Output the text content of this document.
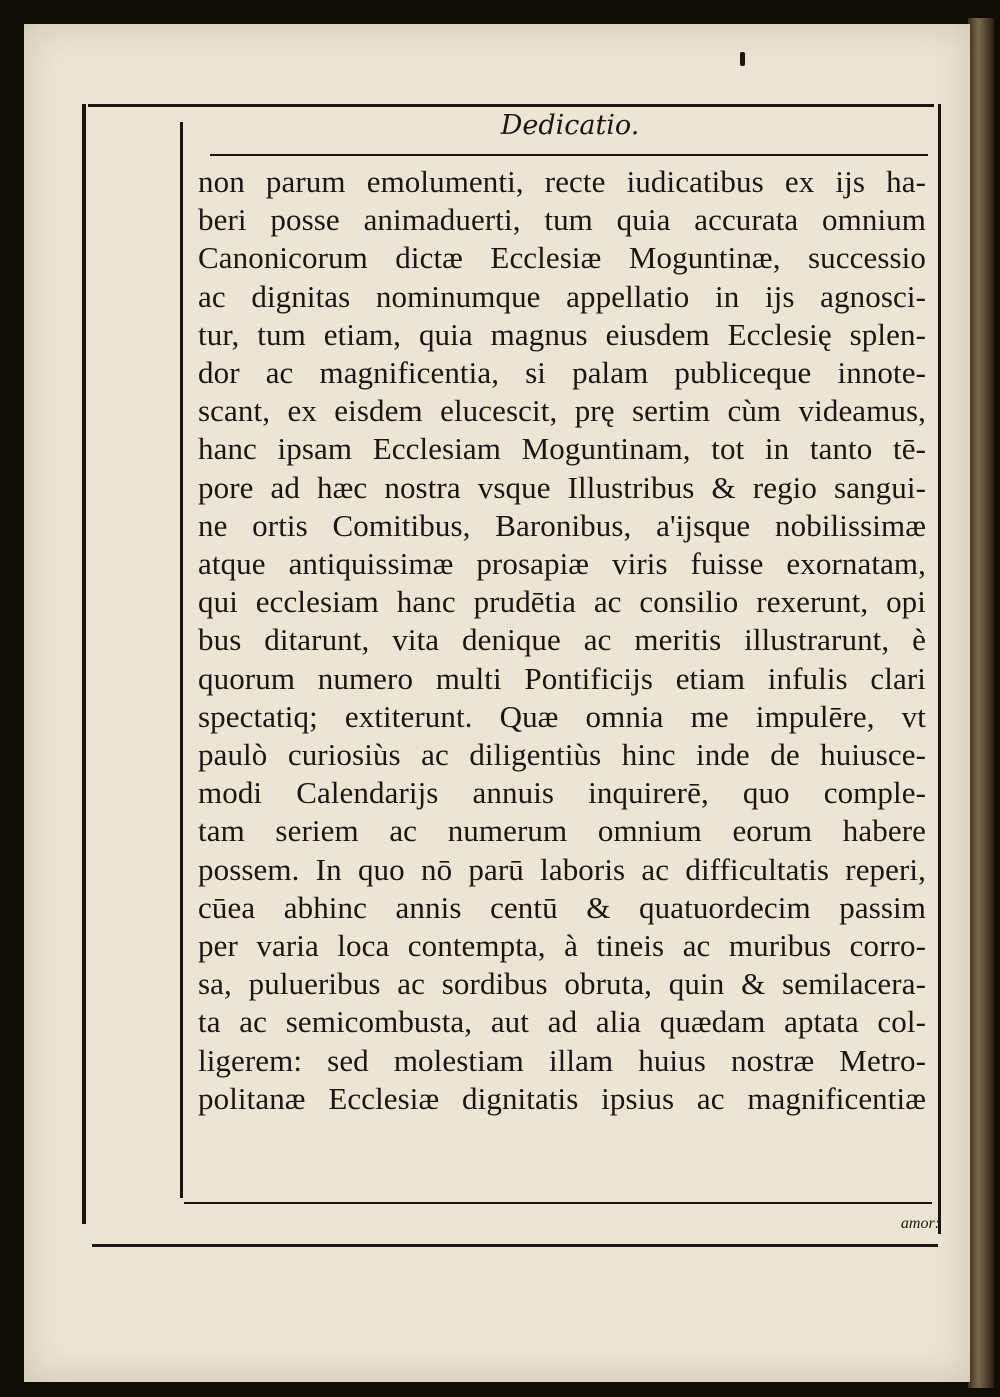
Dedicatio.
non parum emolumenti, recte iudicatibus ex ijs ha-
beri posse animaduerti, tum quia accurata omnium
Canonicorum dictæ Ecclesiæ Moguntinæ, successio
ac dignitas nominumque appellatio in ijs agnosci-
tur, tum etiam, quia magnus eiusdem Ecclesię splen-
dor ac magnificentia, si palam publiceque innote-
scant, ex eisdem elucescit, prę sertim cùm videamus,
hanc ipsam Ecclesiam Moguntinam, tot in tanto tē-
pore ad hæc nostra vsque Illustribus & regio sangui-
ne ortis Comitibus, Baronibus, a'ijsque nobilissimæ
atque antiquissimæ prosapiæ viris fuisse exornatam,
qui ecclesiam hanc prudētia ac consilio rexerunt, opi
bus ditarunt, vita denique ac meritis illustrarunt, è
quorum numero multi Pontificijs etiam infulis clari
spectatiq; extiterunt. Quæ omnia me impulēre, vt
paulò curiosiùs ac diligentiùs hinc inde de huiusce-
modi Calendarijs annuis inquirerē, quo comple-
tam seriem ac numerum omnium eorum habere
possem. In quo nō parū laboris ac difficultatis reperi,
cūea abhinc annis centū & quatuordecim passim
per varia loca contempta, à tineis ac muribus corro-
sa, pulueribus ac sordibus obruta, quin & semilacera-
ta ac semicombusta, aut ad alia quædam aptata col-
ligerem: sed molestiam illam huius nostræ Metro-
politanæ Ecclesiæ dignitatis ipsius ac magnificentiæ
amor:
